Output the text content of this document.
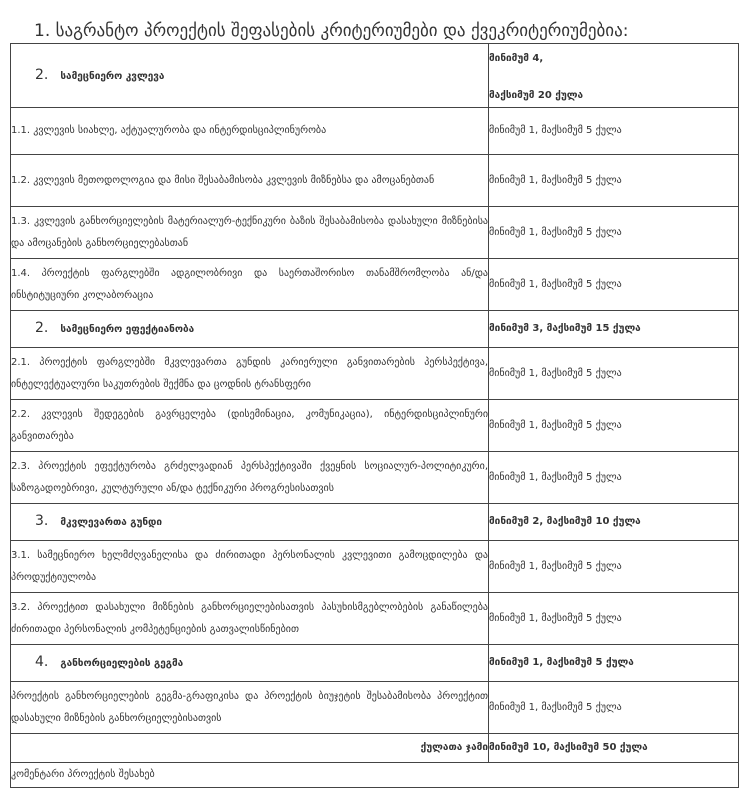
1. საგრანტო პროექტის შეფასების კრიტერიუმები და ქვეკრიტერიუმებია:
2. სამეცნიერო კვლევა	მინიმუმ 4,
მაქსიმუმ 20 ქულა

1.1. კვლევის სიახლე, აქტუალურობა და ინტერდისციპლინურობა	მინიმუმ 1, მაქსიმუმ 5 ქულა
1.2. კვლევის მეთოდოლოგია და მისი შესაბამისობა კვლევის მიზნებსა და ამოცანებთან	მინიმუმ 1, მაქსიმუმ 5 ქულა
1.3. კვლევის განხორციელების მატერიალურ-ტექნიკური ბაზის შესაბამისობა დასახული მიზნებისა და ამოცანების განხორციელებასთან	მინიმუმ 1, მაქსიმუმ 5 ქულა
1.4. პროექტის ფარგლებში ადგილობრივი და საერთაშორისო თანამშრომლობა ან/და ინსტიტუციური კოლაბორაცია	მინიმუმ 1, მაქსიმუმ 5 ქულა
2. სამეცნიერო ეფექტიანობა	მინიმუმ 3, მაქსიმუმ 15 ქულა
2.1. პროექტის ფარგლებში მკვლევართა გუნდის კარიერული განვითარების პერსპექტივა, ინტელექტუალური საკუთრების შექმნა და ცოდნის ტრანსფერი	მინიმუმ 1, მაქსიმუმ 5 ქულა
2.2. კვლევის შედეგების გავრცელება (დისემინაცია, კომუნიკაცია), ინტერდისციპლინური განვითარება	მინიმუმ 1, მაქსიმუმ 5 ქულა
2.3. პროექტის ეფექტურობა გრძელვადიან პერსპექტივაში ქვეყნის სოციალურ-პოლიტიკური, საზოგადოებრივი, კულტურული ან/და ტექნიკური პროგრესისათვის	მინიმუმ 1, მაქსიმუმ 5 ქულა
3. მკვლევართა გუნდი	მინიმუმ 2, მაქსიმუმ 10 ქულა
3.1. სამეცნიერო ხელმძღვანელისა და ძირითადი პერსონალის კვლევითი გამოცდილება და პროდუქტიულობა	მინიმუმ 1, მაქსიმუმ 5 ქულა
3.2. პროექტით დასახული მიზნების განხორციელებისათვის პასუხისმგებლობების განაწილება ძირითადი პერსონალის კომპეტენციების გათვალისწინებით	მინიმუმ 1, მაქსიმუმ 5 ქულა
4. განხორციელების გეგმა	მინიმუმ 1, მაქსიმუმ 5 ქულა
პროექტის განხორციელების გეგმა-გრაფიკისა და პროექტის ბიუჯეტის შესაბამისობა პროექტით დასახული მიზნების განხორციელებისათვის	მინიმუმ 1, მაქსიმუმ 5 ქულა
ქულათა ჯამი	მინიმუმ 10, მაქსიმუმ 50 ქულა
კომენტარი პროექტის შესახებ	
